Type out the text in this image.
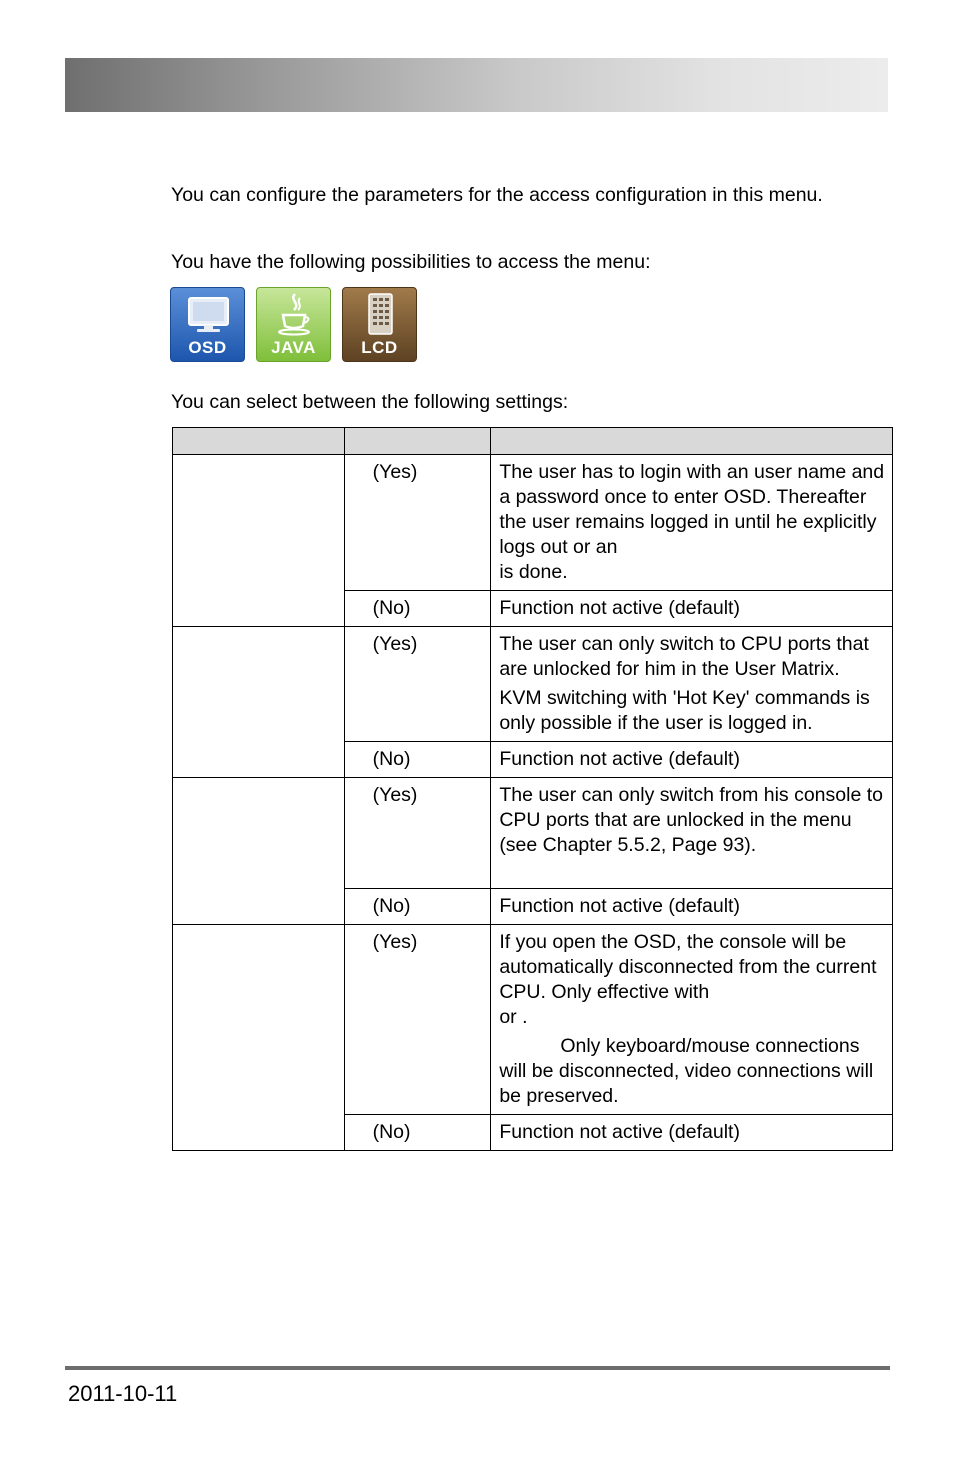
You can configure the parameters for the access configuration in this menu.
You have the following possibilities to access the menu:
OSD	JAVA	LCD
You can select between the following settings:

	(Yes)	The user has to login with an user name and a password once to enter OSD. Thereafter the user remains logged in until he explicitly logs out or an
is done.

	(No)	Function not active (default)
	(Yes)	The user can only switch to CPU ports that are unlocked for him in the User Matrix.

KVM switching with 'Hot Key' commands is only possible if the user is logged in.

	(No)	Function not active (default)
	(Yes)	The user can only switch from his console to CPU ports that are unlocked in the menu (see Chapter 5.5.2, Page 93).

	(No)	Function not active (default)
	(Yes)	If you open the OSD, the console will be automatically disconnected from the current CPU. Only effective with
or .

Only keyboard/mouse connections will be disconnected, video connections will be preserved.

	(No)	Function not active (default)
2011-10-11
